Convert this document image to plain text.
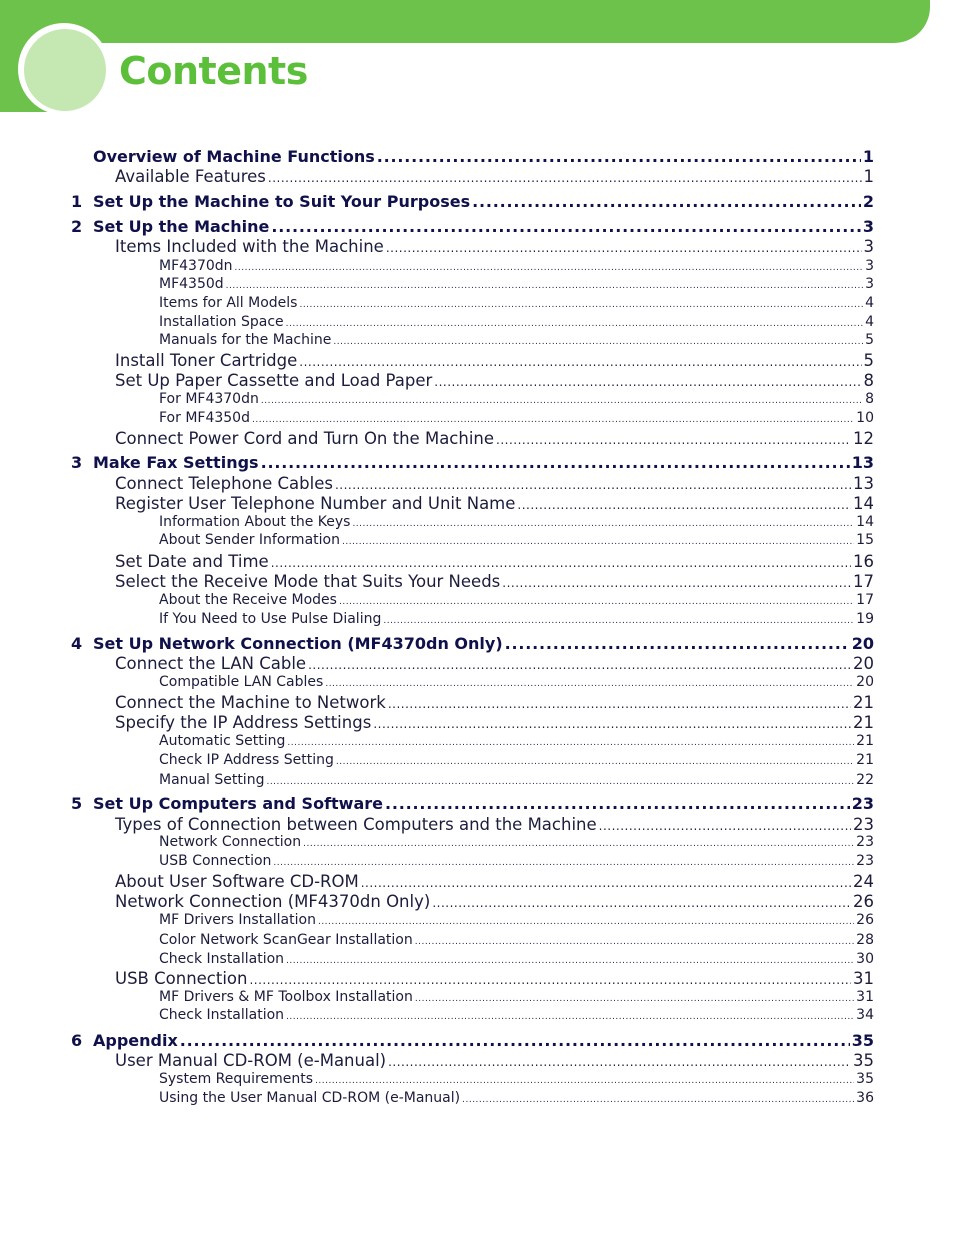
Contents
Overview of Machine Functions .....	1
Available Features .....	1
1 Set Up the Machine to Suit Your Purposes .....	2
2 Set Up the Machine .....	3
Items Included with the Machine .....	3
MF4370dn .....	3
MF4350d .....	3
Items for All Models .....	4
Installation Space .....	4
Manuals for the Machine .....	5
Install Toner Cartridge .....	5
Set Up Paper Cassette and Load Paper .....	8
For MF4370dn .....	8
For MF4350d .....	10
Connect Power Cord and Turn On the Machine .....	12
3 Make Fax Settings .....	13
Connect Telephone Cables .....	13
Register User Telephone Number and Unit Name .....	14
Information About the Keys .....	14
About Sender Information .....	15
Set Date and Time .....	16
Select the Receive Mode that Suits Your Needs .....	17
About the Receive Modes .....	17
If You Need to Use Pulse Dialing .....	19
4 Set Up Network Connection (MF4370dn Only) .....	20
Connect the LAN Cable .....	20
Compatible LAN Cables .....	20
Connect the Machine to Network .....	21
Specify the IP Address Settings .....	21
Automatic Setting .....	21
Check IP Address Setting .....	21
Manual Setting .....	22
5 Set Up Computers and Software .....	23
Types of Connection between Computers and the Machine .....	23
Network Connection .....	23
USB Connection .....	23
About User Software CD-ROM .....	24
Network Connection (MF4370dn Only) .....	26
MF Drivers Installation .....	26
Color Network ScanGear Installation .....	28
Check Installation .....	30
USB Connection .....	31
MF Drivers & MF Toolbox Installation .....	31
Check Installation .....	34
6 Appendix .....	35
User Manual CD-ROM (e-Manual) .....	35
System Requirements .....	35
Using the User Manual CD-ROM (e-Manual) .....	36
